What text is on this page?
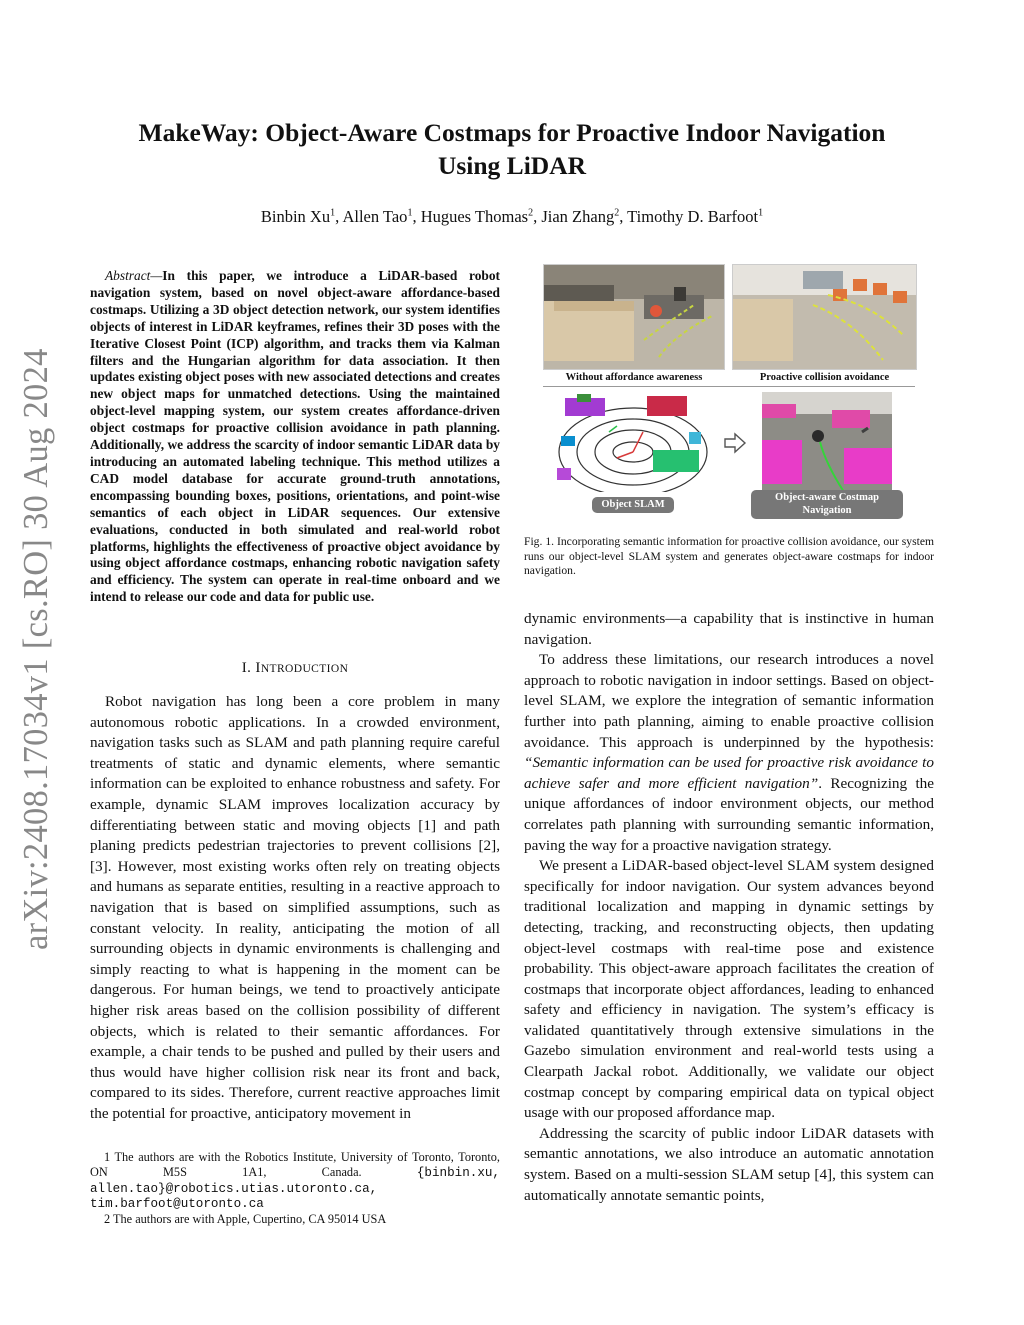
arXiv:2408.17034v1 [cs.RO] 30 Aug 2024
MakeWay: Object-Aware Costmaps for Proactive Indoor Navigation
Using LiDAR
Binbin Xu$^1$, Allen Tao$^1$, Hugues Thomas$^2$, Jian Zhang$^2$, Timothy D. Barfoot$^1$
Abstract—In this paper, we introduce a LiDAR-based robot navigation system, based on novel object-aware affordance-based costmaps. Utilizing a 3D object detection network, our system identifies objects of interest in LiDAR keyframes, refines their 3D poses with the Iterative Closest Point (ICP) algorithm, and tracks them via Kalman filters and the Hungarian algorithm for data association. It then updates existing object poses with new associated detections and creates new object maps for unmatched detections. Using the maintained object-level mapping system, our system creates affordance-driven object costmaps for proactive collision avoidance in path planning. Additionally, we address the scarcity of indoor semantic LiDAR data by introducing an automated labeling technique. This method utilizes a CAD model database for accurate ground-truth annotations, encompassing bounding boxes, positions, orientations, and point-wise semantics of each object in LiDAR sequences. Our extensive evaluations, conducted in both simulated and real-world robot platforms, highlights the effectiveness of proactive object avoidance by using object affordance costmaps, enhancing robotic navigation safety and efficiency. The system can operate in real-time onboard and we intend to release our code and data for public use.
I. INTRODUCTION

Robot navigation has long been a core problem in many autonomous robotic applications. In a crowded environment, navigation tasks such as SLAM and path planning require careful treatments of static and dynamic elements, where semantic information can be exploited to enhance robustness and safety. For example, dynamic SLAM improves localization accuracy by differentiating between static and moving objects [1] and path planing predicts pedestrian trajectories to prevent collisions [2], [3]. However, most existing works often rely on treating objects and humans as separate entities, resulting in a reactive approach to navigation that is based on simplified assumptions, such as constant velocity. In reality, anticipating the motion of all surrounding objects in dynamic environments is challenging and simply reacting to what is happening in the moment can be dangerous. For human beings, we tend to proactively anticipate higher risk areas based on the collision possibility of different objects, which is related to their semantic affordances. For example, a chair tends to be pushed and pulled by their users and thus would have higher collision risk near its front and back, compared to its sides. Therefore, current reactive approaches limit the potential for proactive, anticipatory movement in

1 The authors are with the Robotics Institute, University of Toronto, Toronto, ON M5S 1A1, Canada.	{binbin.xu, allen.tao}@robotics.utias.utoronto.ca, tim.barfoot@utoronto.ca

2 The authors are with Apple, Cupertino, CA 95014 USA

Without affordance awareness	Proactive collision avoidance
Object SLAM
Object-aware Costmap Navigation
Fig. 1. Incorporating semantic information for proactive collision avoidance, our system runs our object-level SLAM system and generates object-aware costmaps for indoor navigation.

dynamic environments—a capability that is instinctive in human navigation.

To address these limitations, our research introduces a novel approach to robotic navigation in indoor settings. Based on object-level SLAM, we explore the integration of semantic information further into path planning, aiming to enable proactive collision avoidance. This approach is underpinned by the hypothesis: “Semantic information can be used for proactive risk avoidance to achieve safer and more efficient navigation”. Recognizing the unique affordances of indoor environment objects, our method correlates path planning with surrounding semantic information, paving the way for a proactive navigation strategy.

We present a LiDAR-based object-level SLAM system designed specifically for indoor navigation. Our system advances beyond traditional localization and mapping in dynamic settings by detecting, tracking, and reconstructing objects, then updating object-level costmaps with real-time pose and existence probability. This object-aware approach facilitates the creation of costmaps that incorporate object affordances, leading to enhanced safety and efficiency in navigation. The system’s efficacy is validated quantitatively through extensive simulations in the Gazebo simulation environment and real-world tests using a Clearpath Jackal robot. Additionally, we validate our object costmap concept by comparing empirical data on typical object usage with our proposed affordance map.

Addressing the scarcity of public indoor LiDAR datasets with semantic annotations, we also introduce an automatic annotation system. Based on a multi-session SLAM setup [4], this system can automatically annotate semantic points,
